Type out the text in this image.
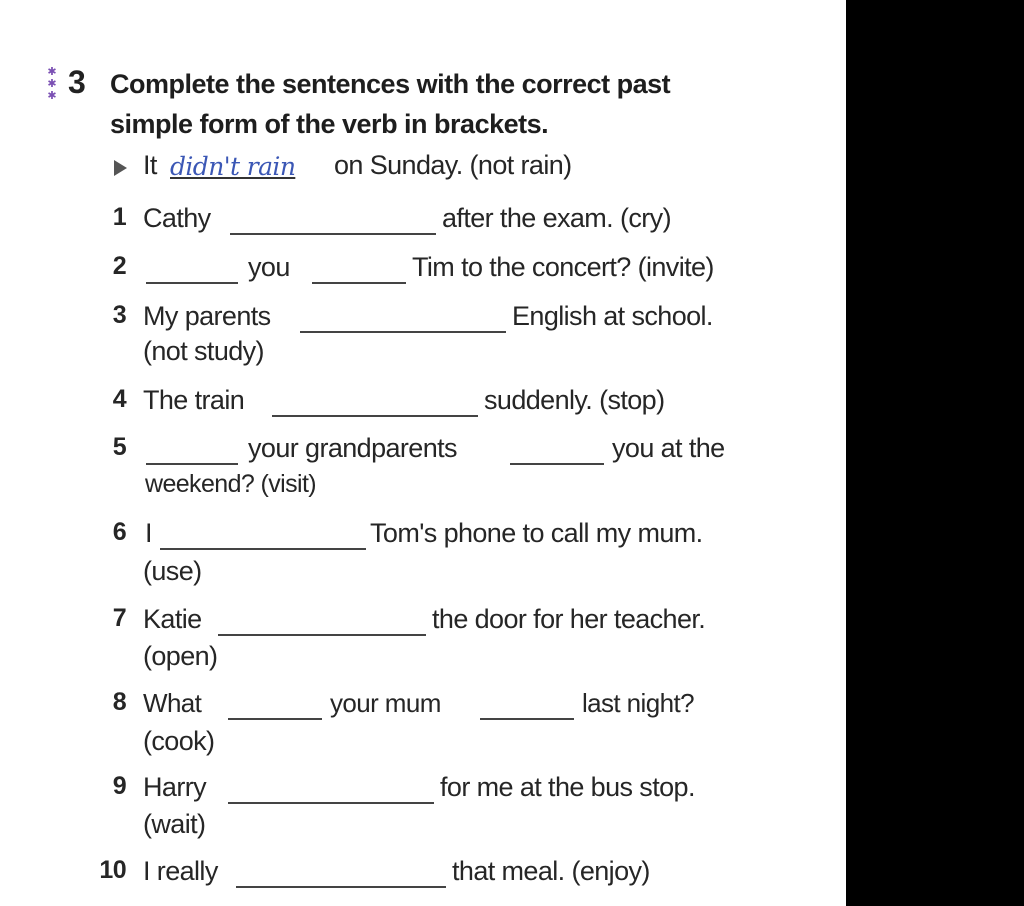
✱
✱
✱ 3 Complete the sentences with the correct past
simple form of the verb in brackets.
It didn't rain on Sunday. (not rain)
1 Cathy	after the exam. (cry)
2	you	Tim to the concert? (invite)
3 My parents	English at school.
(not study)
4 The train	suddenly. (stop)
5	your grandparents	you at the
weekend? (visit)
6 I	Tom's phone to call my mum.
(use)
7 Katie	the door for her teacher.
(open)
8 What	your mum	last night?
(cook)
9 Harry	for me at the bus stop.
(wait)
10 I really	that meal. (enjoy)
